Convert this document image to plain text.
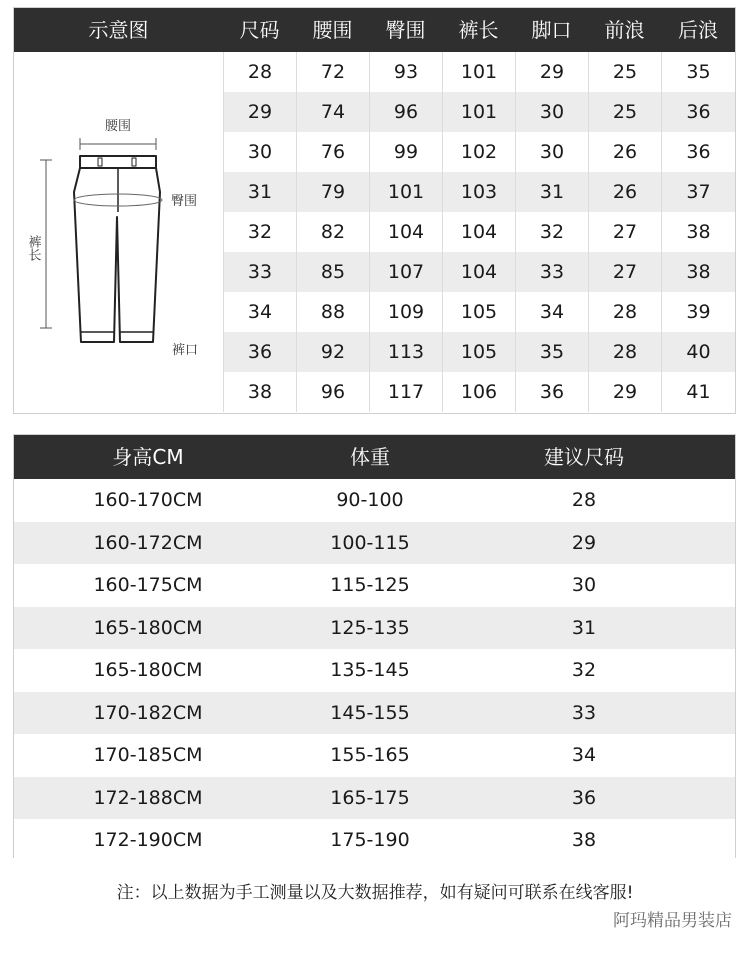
示意图	尺码	腰围	臀围	裤长	脚口	前浪	后浪
腰围
裤长
臀围
裤口
28	72	93	101	29	25	35
29	74	96	101	30	25	36
30	76	99	102	30	26	36
31	79	101	103	31	26	37
32	82	104	104	32	27	38
33	85	107	104	33	27	38
34	88	109	105	34	28	39
36	92	113	105	35	28	40
38	96	117	106	36	29	41
身高CM	体重	建议尺码
160-170CM	90-100	28
160-172CM	100-115	29
160-175CM	115-125	30
165-180CM	125-135	31
165-180CM	135-145	32
170-182CM	145-155	33
170-185CM	155-165	34
172-188CM	165-175	36
172-190CM	175-190	38
注：以上数据为手工测量以及大数据推荐，如有疑问可联系在线客服!
阿玛精品男装店
